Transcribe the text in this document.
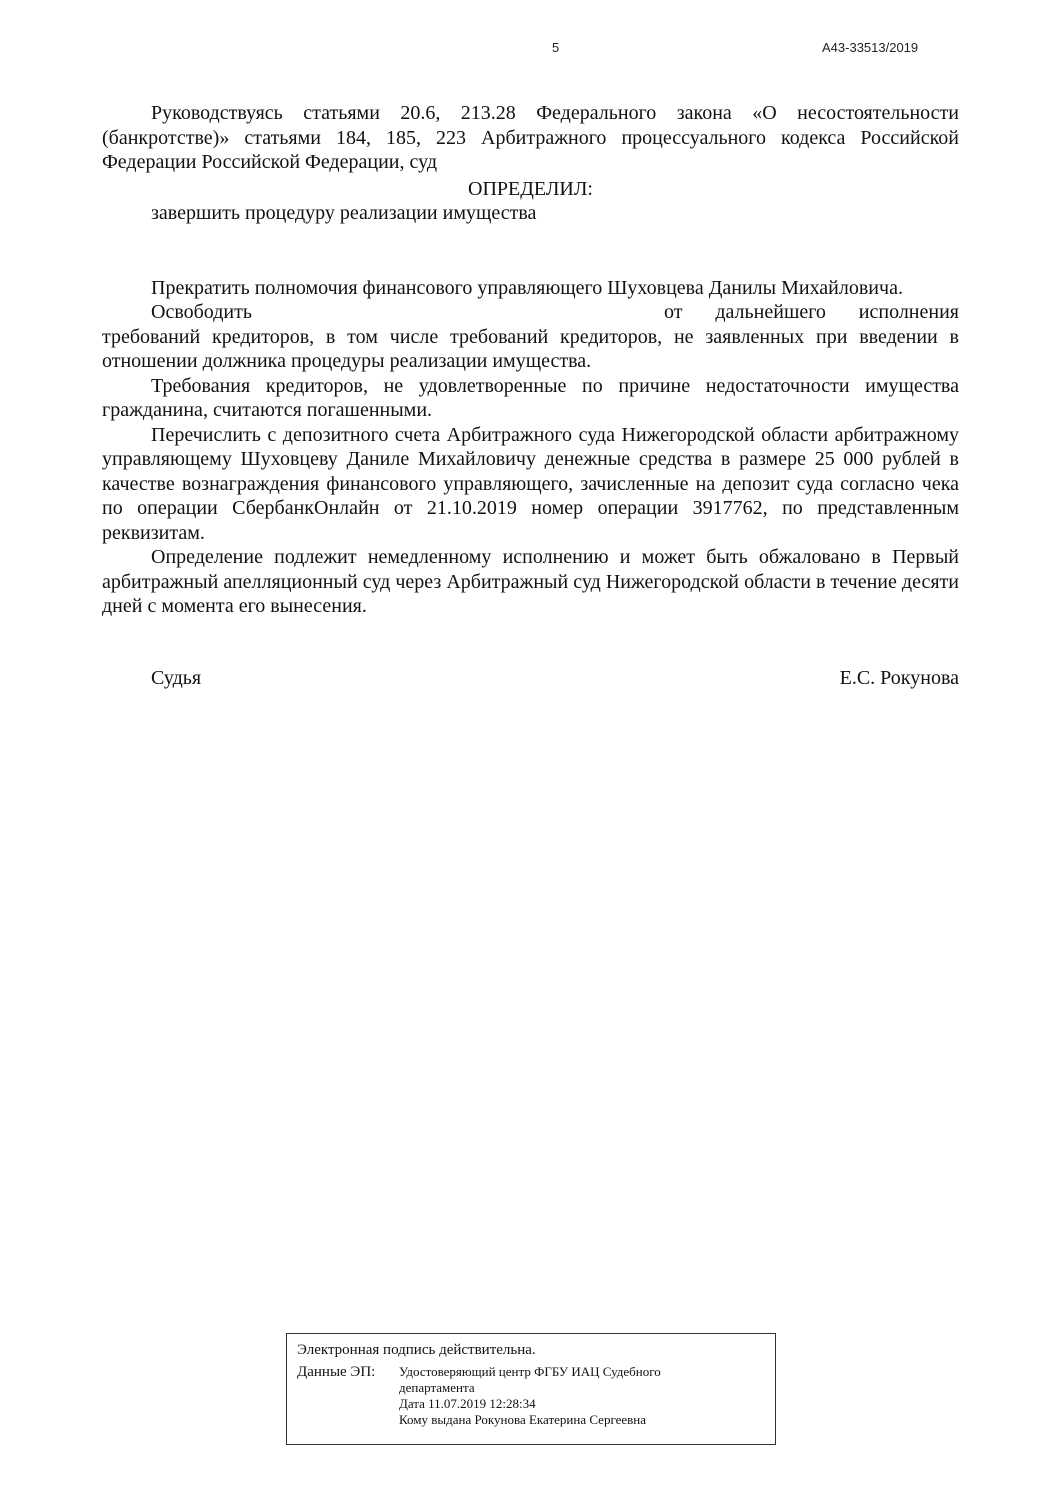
5	А43-33513/2019

Руководствуясь статьями 20.6, 213.28 Федерального закона «О несостоятельности (банкротстве)» статьями 184, 185, 223 Арбитражного процессуального кодекса Российской Федерации Российской Федерации, суд

ОПРЕДЕЛИЛ:

завершить процедуру реализации имущества

Прекратить полномочия финансового управляющего Шуховцева Данилы Михайловича.

Освободить	от дальнейшего исполнения требований кредиторов, в том числе требований кредиторов, не заявленных при введении в отношении должника процедуры реализации имущества.

Требования кредиторов, не удовлетворенные по причине недостаточности имущества гражданина, считаются погашенными.

Перечислить с депозитного счета Арбитражного суда Нижегородской области арбитражному управляющему Шуховцеву Даниле Михайловичу денежные средства в размере 25 000 рублей в качестве вознаграждения финансового управляющего, зачисленные на депозит суда согласно чека по операции СбербанкОнлайн от 21.10.2019 номер операции 3917762, по представленным реквизитам.

Определение подлежит немедленному исполнению и может быть обжаловано в Первый арбитражный апелляционный суд через Арбитражный суд Нижегородской области в течение десяти дней с момента его вынесения.

Судья	Е.С. Рокунова
Электронная подпись действительна.
Данные ЭП:	Удостоверяющий центр ФГБУ ИАЦ Судебного
департамента
Дата 11.07.2019 12:28:34
Кому выдана Рокунова Екатерина Сергеевна
